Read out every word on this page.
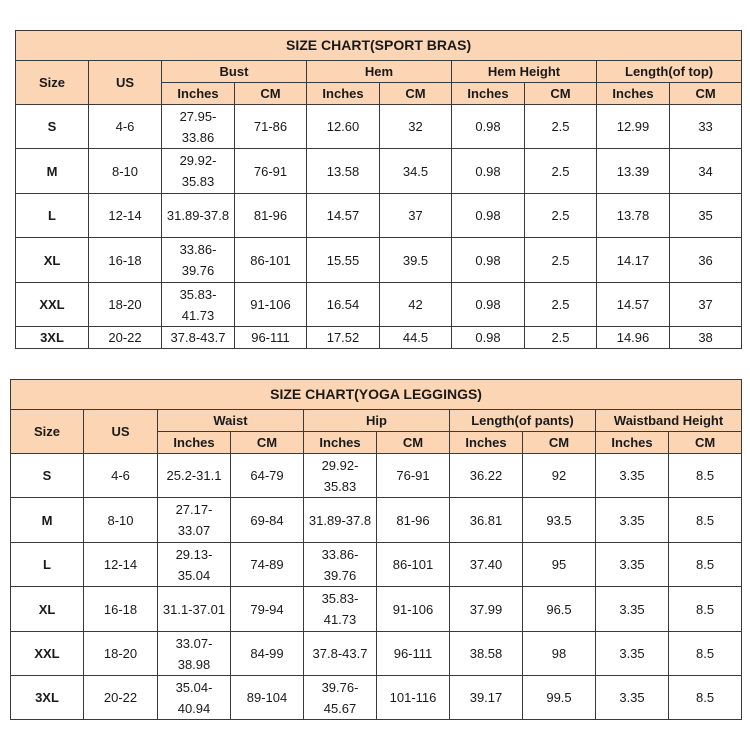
SIZE CHART(SPORT BRAS)									
Size	US	Bust		Hem		Hem Height		Length(of top)	
		Inches	CM	Inches	CM	Inches	CM	Inches	CM
S	4-6	27.95-33.86	71-86	12.60	32	0.98	2.5	12.99	33
M	8-10	29.92-35.83	76-91	13.58	34.5	0.98	2.5	13.39	34
L	12-14	31.89-37.8	81-96	14.57	37	0.98	2.5	13.78	35
XL	16-18	33.86-39.76	86-101	15.55	39.5	0.98	2.5	14.17	36
XXL	18-20	35.83-41.73	91-106	16.54	42	0.98	2.5	14.57	37
3XL	20-22	37.8-43.7	96-111	17.52	44.5	0.98	2.5	14.96	38
SIZE CHART(YOGA LEGGINGS)									
Size	US	Waist		Hip		Length(of pants)		Waistband Height	
		Inches	CM	Inches	CM	Inches	CM	Inches	CM
S	4-6	25.2-31.1	64-79	29.92-35.83	76-91	36.22	92	3.35	8.5
M	8-10	27.17-33.07	69-84	31.89-37.8	81-96	36.81	93.5	3.35	8.5
L	12-14	29.13-35.04	74-89	33.86-39.76	86-101	37.40	95	3.35	8.5
XL	16-18	31.1-37.01	79-94	35.83-41.73	91-106	37.99	96.5	3.35	8.5
XXL	18-20	33.07-38.98	84-99	37.8-43.7	96-111	38.58	98	3.35	8.5
3XL	20-22	35.04-40.94	89-104	39.76-45.67	101-116	39.17	99.5	3.35	8.5
